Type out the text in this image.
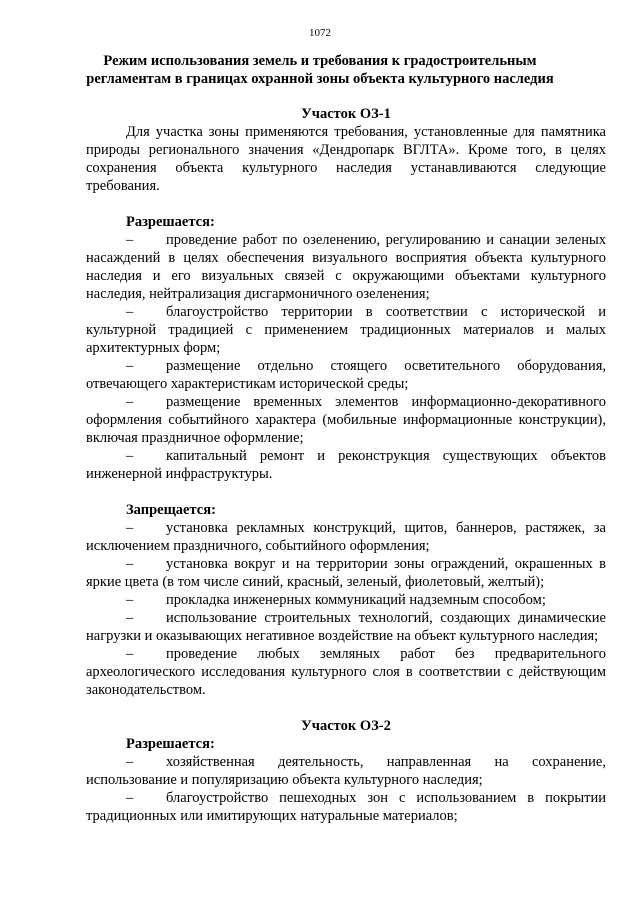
1072
Режим использования земель и требования к градостроительным регламентам в границах охранной зоны объекта культурного наследия

Участок ОЗ-1

Для участка зоны применяются требования, установленные для памятника природы регионального значения «Дендропарк ВГЛТА». Кроме того, в целях сохранения объекта культурного наследия устанавливаются следующие требования.

Разрешается:

– проведение работ по озеленению, регулированию и санации зеленых насаждений в целях обеспечения визуального восприятия объекта культурного наследия и его визуальных связей с окружающими объектами культурного наследия, нейтрализация дисгармоничного озеленения;

– благоустройство территории в соответствии с исторической и культурной традицией с применением традиционных материалов и малых архитектурных форм;

– размещение отдельно стоящего осветительного оборудования, отвечающего характеристикам исторической среды;

– размещение временных элементов информационно-декоративного оформления событийного характера (мобильные информационные конструкции), включая праздничное оформление;

– капитальный ремонт и реконструкция существующих объектов инженерной инфраструктуры.

Запрещается:

– установка рекламных конструкций, щитов, баннеров, растяжек, за исключением праздничного, событийного оформления;

– установка вокруг и на территории зоны ограждений, окрашенных в яркие цвета (в том числе синий, красный, зеленый, фиолетовый, желтый);

– прокладка инженерных коммуникаций надземным способом;

– использование строительных технологий, создающих динамические нагрузки и оказывающих негативное воздействие на объект культурного наследия;

– проведение любых земляных работ без предварительного археологического исследования культурного слоя в соответствии с действующим законодательством.

Участок ОЗ-2

Разрешается:

– хозяйственная деятельность, направленная на сохранение, использование и популяризацию объекта культурного наследия;

– благоустройство пешеходных зон с использованием в покрытии традиционных или имитирующих натуральные материалов;
